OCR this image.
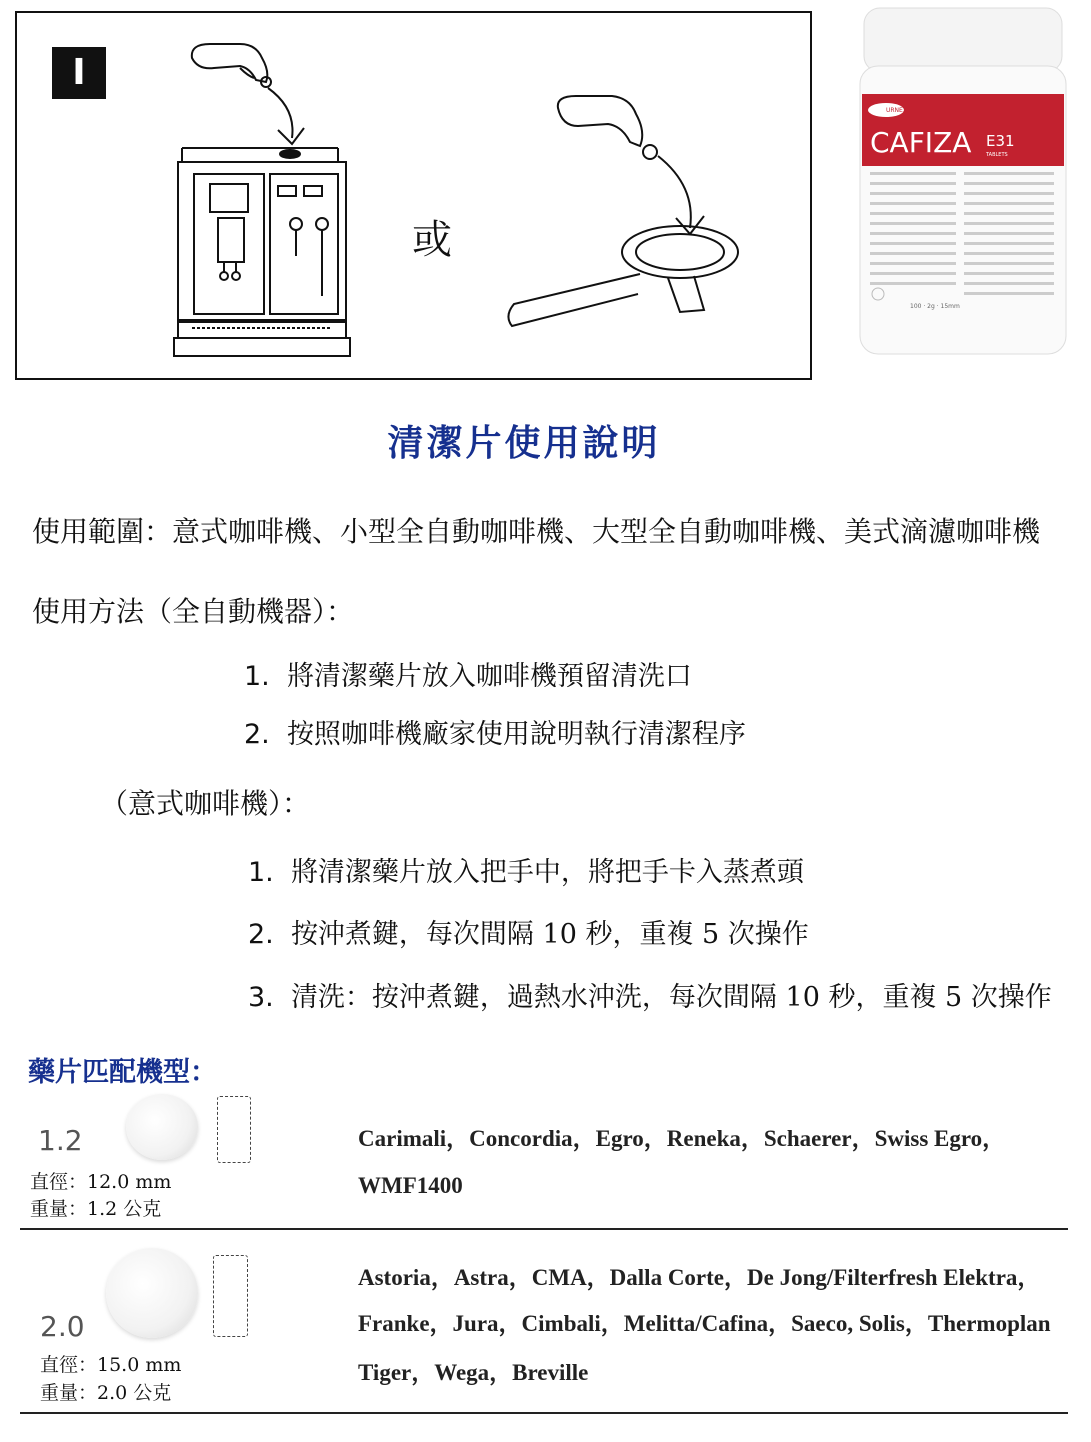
I
或
URNEX
CAFIZA E31
TABLETS
100 · 2g · 15mm
清潔片使用說明
使用範圍：意式咖啡機、小型全自動咖啡機、大型全自動咖啡機、美式滴濾咖啡機
使用方法（全自動機器）：
1. 將清潔藥片放入咖啡機預留清洗口
2. 按照咖啡機廠家使用說明執行清潔程序
（意式咖啡機）：
1. 將清潔藥片放入把手中，將把手卡入蒸煮頭
2. 按沖煮鍵，每次間隔 10 秒，重複 5 次操作
3. 清洗：按沖煮鍵，過熱水沖洗，每次間隔 10 秒，重複 5 次操作
藥片匹配機型：
1.2
直徑：12.0 mm
重量：1.2 公克
Carimali，Concordia，Egro，Reneka，Schaerer，Swiss Egro，
WMF1400
2.0
直徑：15.0 mm
重量：2.0 公克
Astoria，Astra，CMA，Dalla Corte，De Jong/Filterfresh Elektra，
Franke，Jura，Cimbali，Melitta/Cafina，Saeco, Solis，Thermoplan
Tiger，Wega，Breville
